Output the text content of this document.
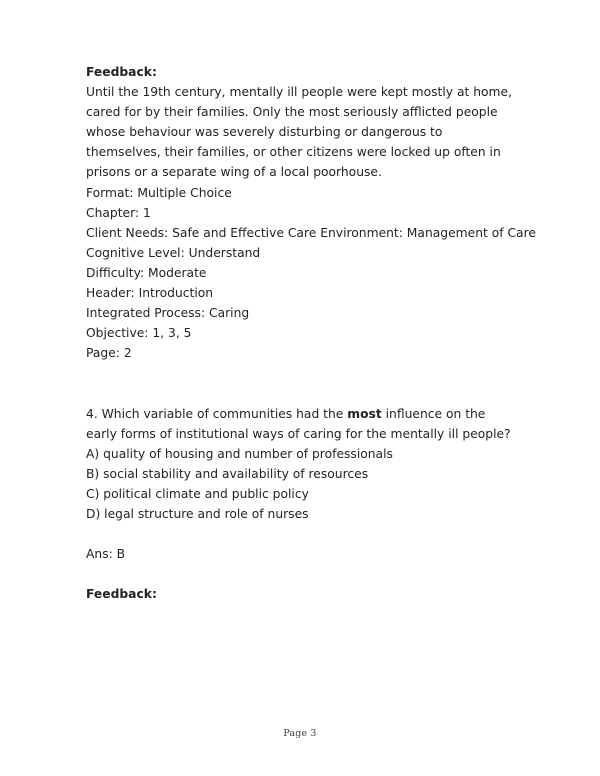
Feedback:

Until the 19th century, mentally ill people were kept mostly at home, cared for by their families. Only the most seriously afflicted people whose behaviour was severely disturbing or dangerous to themselves, their families, or other citizens were locked up often in prisons or a separate wing of a local poorhouse.

Format: Multiple Choice
Chapter: 1
Client Needs: Safe and Effective Care Environment: Management of Care
Cognitive Level: Understand
Difficulty: Moderate
Header: Introduction
Integrated Process: Caring
Objective: 1, 3, 5
Page: 2

4. Which variable of communities had the most influence on the early forms of institutional ways of caring for the mentally ill people?

A) quality of housing and number of professionals
B) social stability and availability of resources
C) political climate and public policy
D) legal structure and role of nurses
Ans: B
Feedback:
Page 3
